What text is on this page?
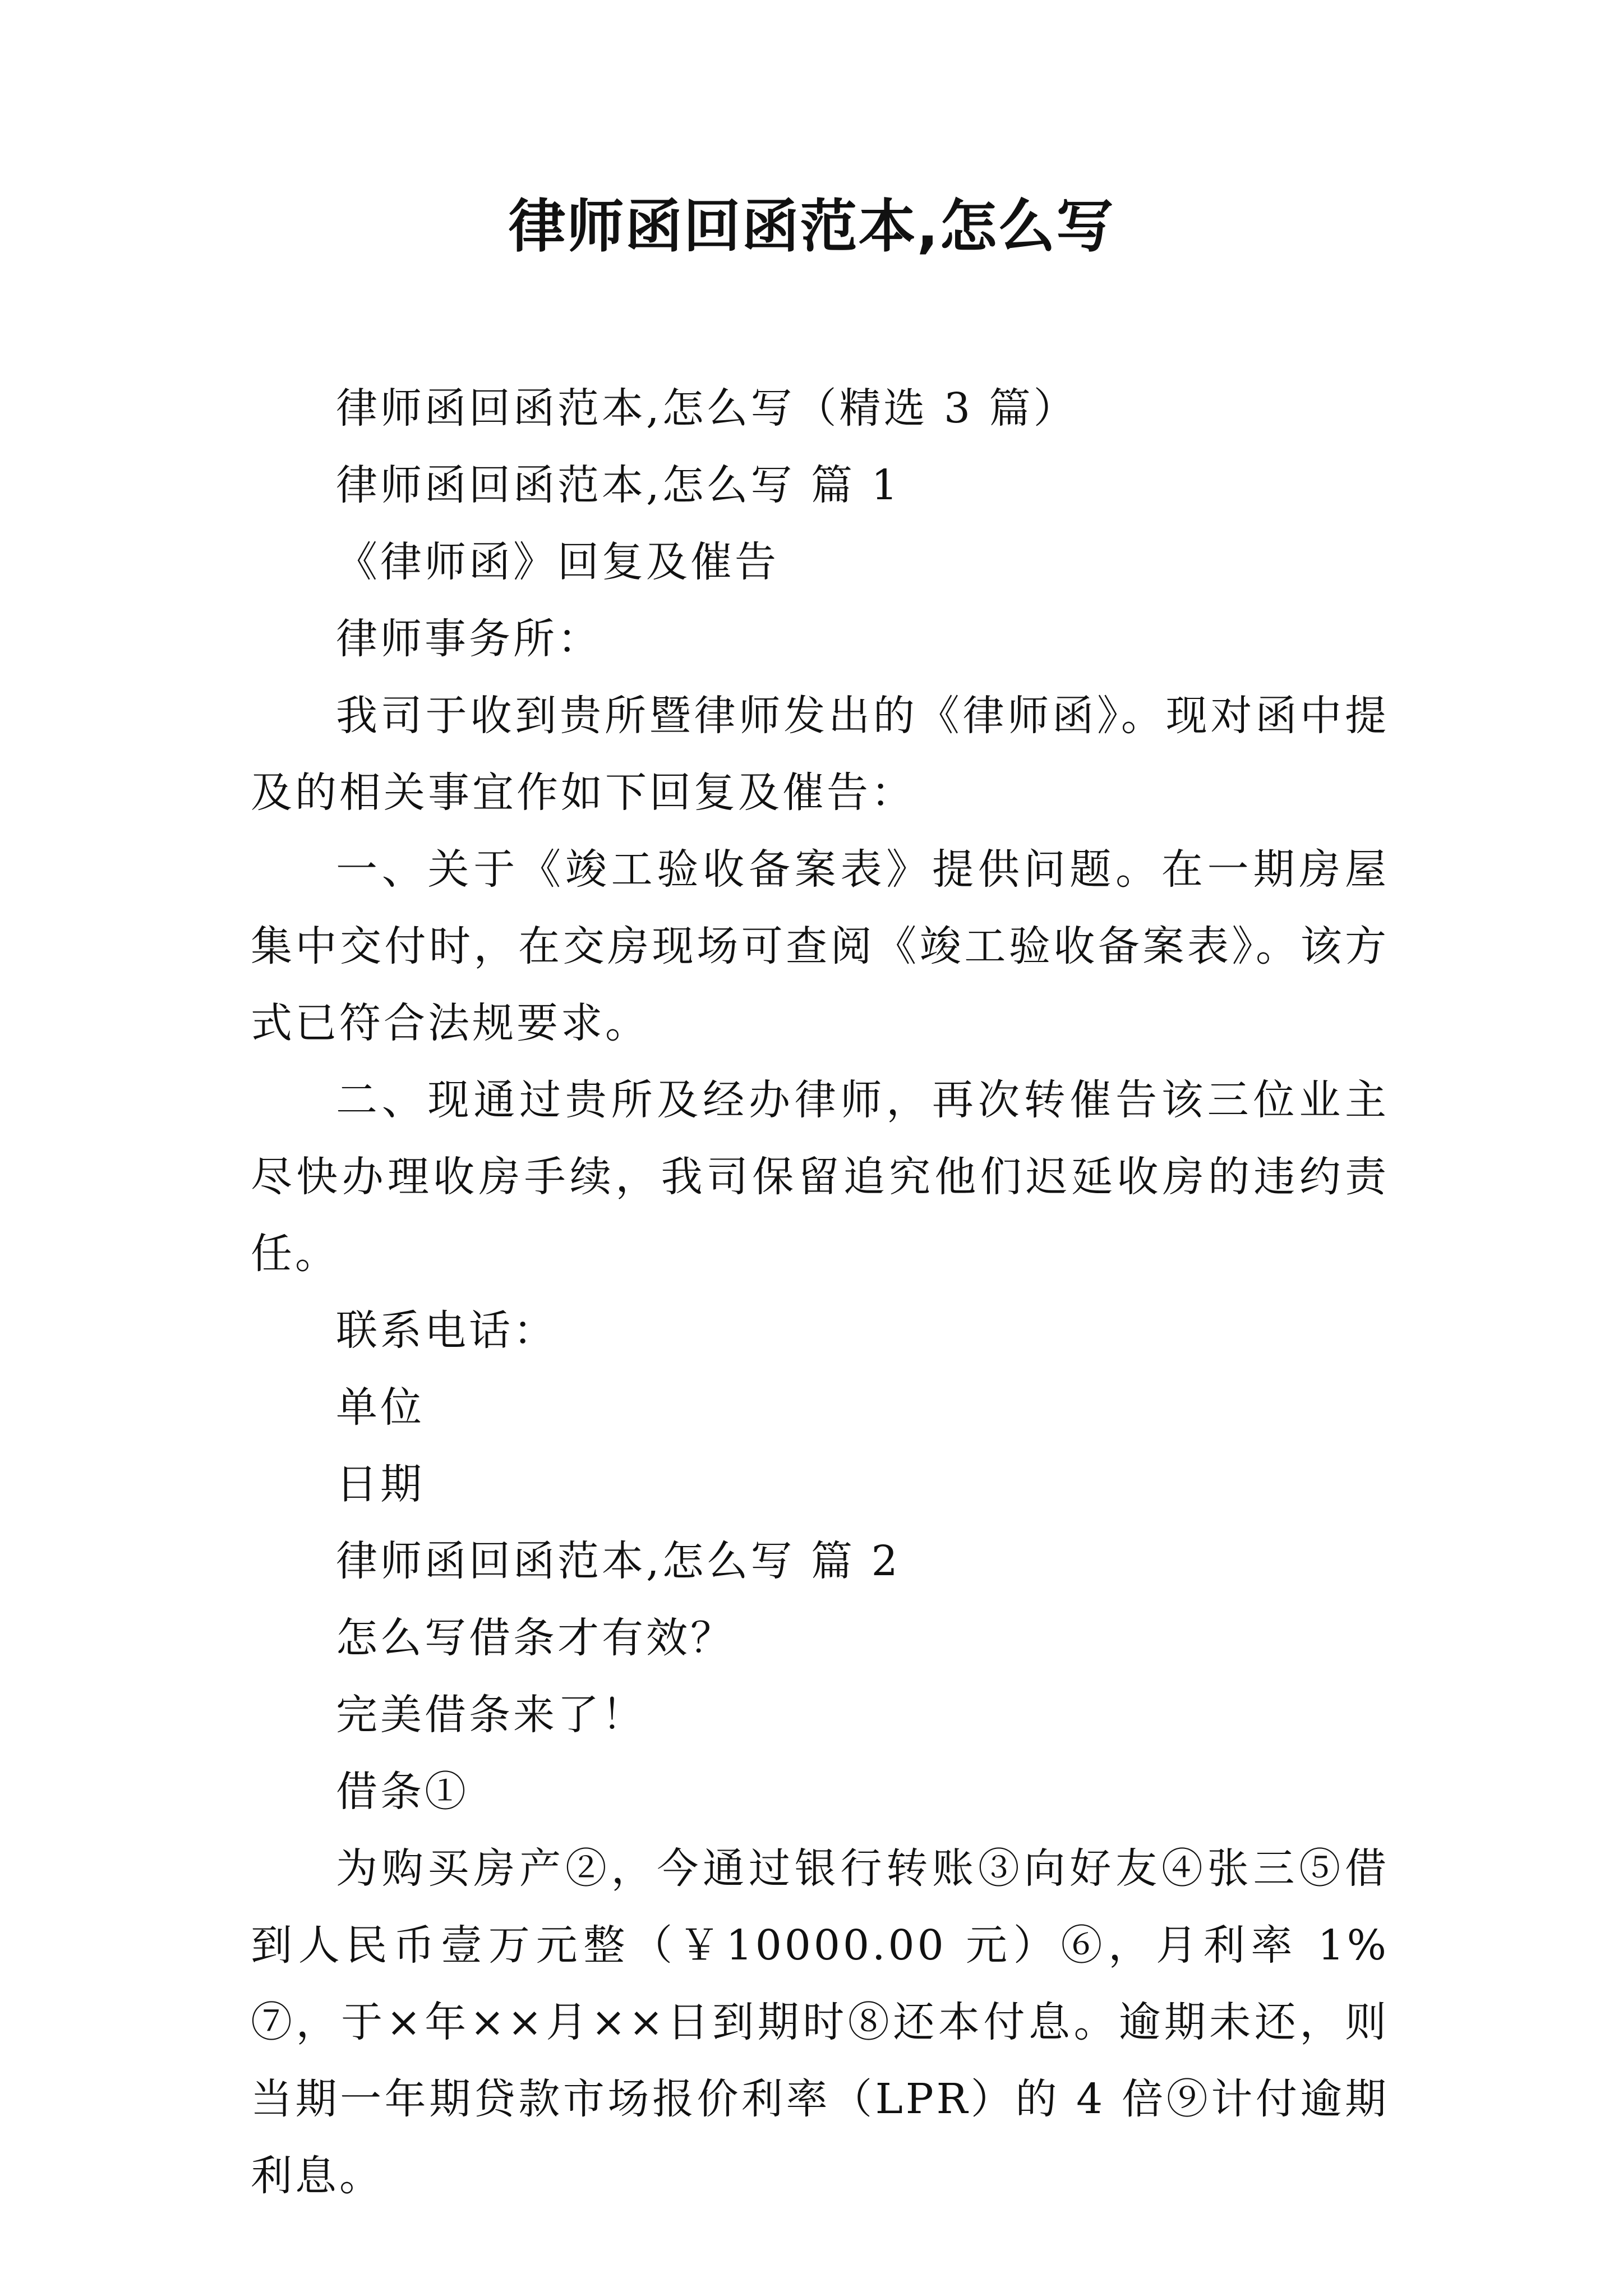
律师函回函范本,怎么写

律师函回函范本,怎么写（精选 3 篇）

律师函回函范本,怎么写 篇 1

《律师函》回复及催告

律师事务所：

我司于收到贵所暨律师发出的《律师函》。现对函中提及的相关事宜作如下回复及催告：

一、关于《竣工验收备案表》提供问题。在一期房屋集中交付时，在交房现场可查阅《竣工验收备案表》。该方式已符合法规要求。

二、现通过贵所及经办律师，再次转催告该三位业主尽快办理收房手续，我司保留追究他们迟延收房的违约责任。

联系电话：

单位

日期

律师函回函范本,怎么写 篇 2

怎么写借条才有效？

完美借条来了！

借条①

为购买房产②，今通过银行转账③向好友④张三⑤借到人民币壹万元整（￥10000.00 元）⑥，月利率 1%⑦，于×年××月××日到期时⑧还本付息。逾期未还，则当期一年期贷款市场报价利率（LPR）的 4 倍⑨计付逾期利息。
